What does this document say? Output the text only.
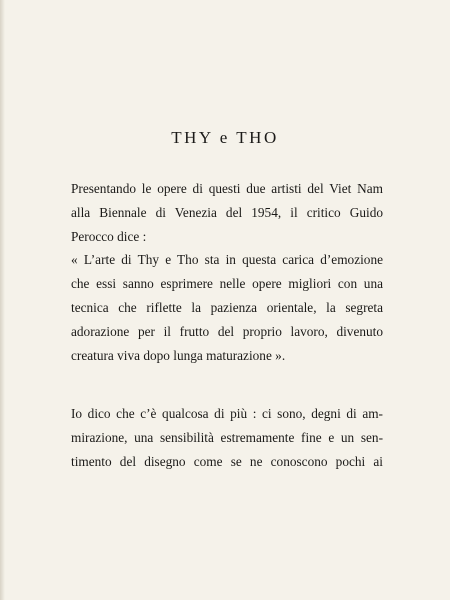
THY e THO
Presentando le opere di questi due artisti del Viet Nam
alla Biennale di Venezia del 1954, il critico Guido
Perocco dice :
« L’arte di Thy e Tho sta in questa carica d’emozione
che essi sanno esprimere nelle opere migliori con una
tecnica che riflette la pazienza orientale, la segreta
adorazione per il frutto del proprio lavoro, divenuto
creatura viva dopo lunga maturazione ».
Io dico che c’è qualcosa di più : ci sono, degni di am-
mirazione, una sensibilità estremamente fine e un sen-
timento del disegno come se ne conoscono pochi ai
